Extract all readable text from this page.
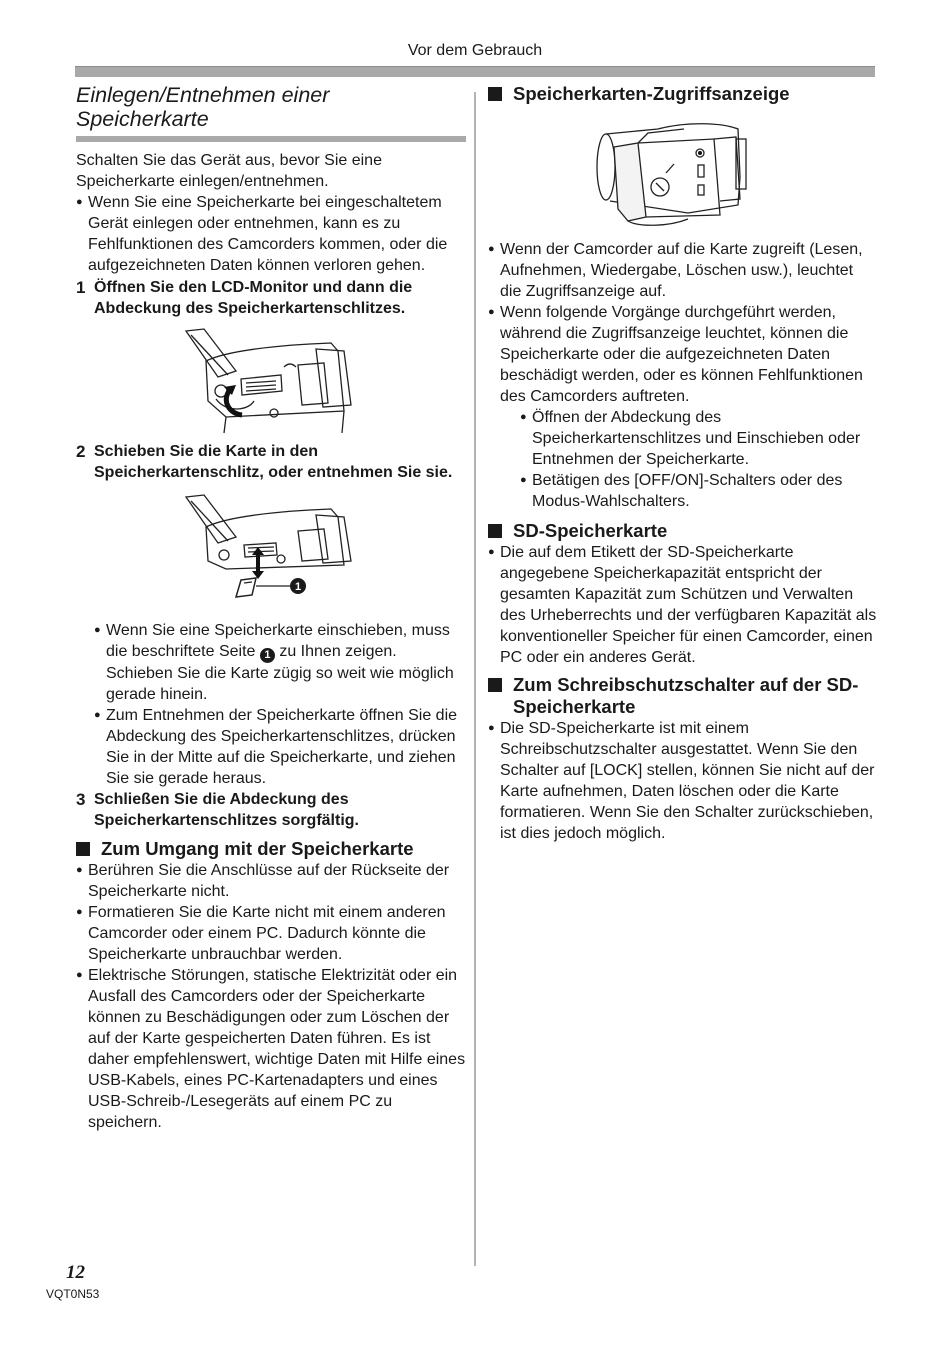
Vor dem Gebrauch
Einlegen/Entnehmen einer Speicherkarte

Schalten Sie das Gerät aus, bevor Sie eine Speicherkarte einlegen/entnehmen.

● Wenn Sie eine Speicherkarte bei eingeschaltetem Gerät einlegen oder entnehmen, kann es zu Fehlfunktionen des Camcorders kommen, oder die aufgezeichneten Daten können verloren gehen.

1 Öffnen Sie den LCD-Monitor und dann die Abdeckung des Speicherkartenschlitzes.
2 Schieben Sie die Karte in den Speicherkartenschlitz, oder entnehmen Sie sie.
1

● Wenn Sie eine Speicherkarte einschieben, muss die beschriftete Seite 1 zu Ihnen zeigen. Schieben Sie die Karte zügig so weit wie möglich gerade hinein.

● Zum Entnehmen der Speicherkarte öffnen Sie die Abdeckung des Speicherkartenschlitzes, drücken Sie in der Mitte auf die Speicherkarte, und ziehen Sie sie gerade heraus.

3 Schließen Sie die Abdeckung des Speicherkartenschlitzes sorgfältig.
Zum Umgang mit der Speicherkarte

● Berühren Sie die Anschlüsse auf der Rückseite der Speicherkarte nicht.

● Formatieren Sie die Karte nicht mit einem anderen Camcorder oder einem PC. Dadurch könnte die Speicherkarte unbrauchbar werden.

● Elektrische Störungen, statische Elektrizität oder ein Ausfall des Camcorders oder der Speicherkarte können zu Beschädigungen oder zum Löschen der auf der Karte gespeicherten Daten führen. Es ist daher empfehlenswert, wichtige Daten mit Hilfe eines USB-Kabels, eines PC-Kartenadapters und eines USB-Schreib-/Lesegeräts auf einem PC zu speichern.

Speicherkarten-Zugriffsanzeige

● Wenn der Camcorder auf die Karte zugreift (Lesen, Aufnehmen, Wiedergabe, Löschen usw.), leuchtet die Zugriffsanzeige auf.

● Wenn folgende Vorgänge durchgeführt werden, während die Zugriffsanzeige leuchtet, können die Speicherkarte oder die aufgezeichneten Daten beschädigt werden, oder es können Fehlfunktionen des Camcorders auftreten.

● Öffnen der Abdeckung des Speicherkartenschlitzes und Einschieben oder Entnehmen der Speicherkarte.

● Betätigen des [OFF/ON]-Schalters oder des Modus-Wahlschalters.

SD-Speicherkarte

● Die auf dem Etikett der SD-Speicherkarte angegebene Speicherkapazität entspricht der gesamten Kapazität zum Schützen und Verwalten des Urheberrechts und der verfügbaren Kapazität als konventioneller Speicher für einen Camcorder, einen PC oder ein anderes Gerät.

Zum Schreibschutzschalter auf der SD-Speicherkarte

● Die SD-Speicherkarte ist mit einem Schreibschutzschalter ausgestattet. Wenn Sie den Schalter auf [LOCK] stellen, können Sie nicht auf der Karte aufnehmen, Daten löschen oder die Karte formatieren. Wenn Sie den Schalter zurückschieben, ist dies jedoch möglich.

12
VQT0N53
